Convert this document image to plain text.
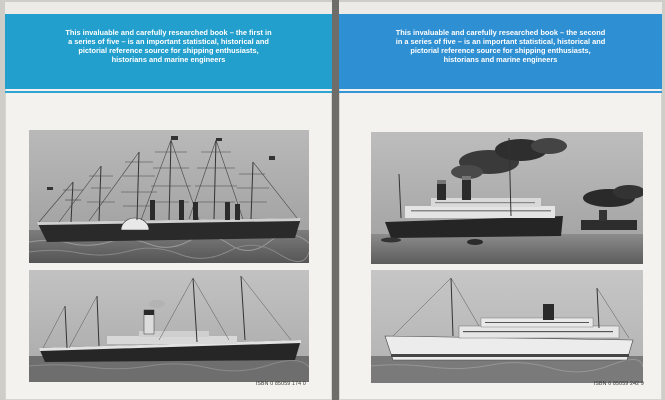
This invaluable and carefully researched book – the first in a series of five – is an important statistical, historical and pictorial reference source for shipping enthusiasts, historians and marine engineers
ISBN 0 85059 174 0
This invaluable and carefully researched book – the second in a series of five – is an important statistical, historical and pictorial reference source for shipping enthusiasts, historians and marine engineers
ISBN 0 85059 242 9
